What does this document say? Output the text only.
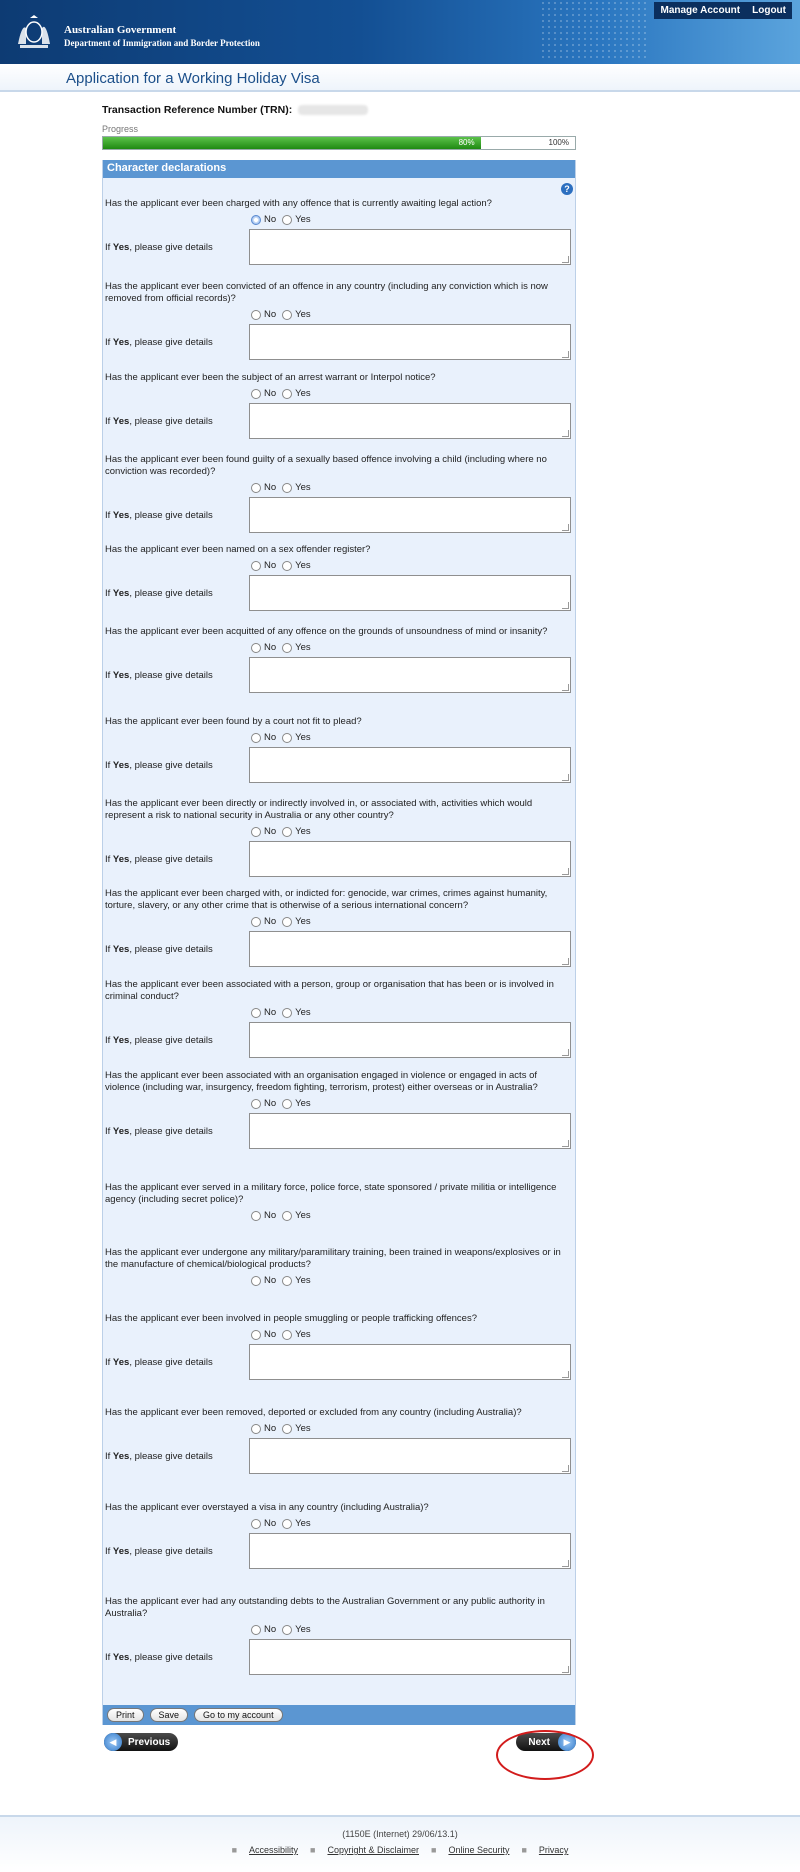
Australian Government
Department of Immigration and Border Protection
Manage Account	Logout
Application for a Working Holiday Visa
Transaction Reference Number (TRN):
Progress
80%	100%
Character declarations
?
Has the applicant ever been charged with any offence that is currently awaiting legal action?
No Yes
If Yes, please give details
Has the applicant ever been convicted of an offence in any country (including any conviction which is now removed from official records)?
No Yes
If Yes, please give details
Has the applicant ever been the subject of an arrest warrant or Interpol notice?
No Yes
If Yes, please give details
Has the applicant ever been found guilty of a sexually based offence involving a child (including where no conviction was recorded)?
No Yes
If Yes, please give details
Has the applicant ever been named on a sex offender register?
No Yes
If Yes, please give details
Has the applicant ever been acquitted of any offence on the grounds of unsoundness of mind or insanity?
No Yes
If Yes, please give details
Has the applicant ever been found by a court not fit to plead?
No Yes
If Yes, please give details
Has the applicant ever been directly or indirectly involved in, or associated with, activities which would represent a risk to national security in Australia or any other country?
No Yes
If Yes, please give details
Has the applicant ever been charged with, or indicted for: genocide, war crimes, crimes against humanity, torture, slavery, or any other crime that is otherwise of a serious international concern?
No Yes
If Yes, please give details
Has the applicant ever been associated with a person, group or organisation that has been or is involved in criminal conduct?
No Yes
If Yes, please give details
Has the applicant ever been associated with an organisation engaged in violence or engaged in acts of violence (including war, insurgency, freedom fighting, terrorism, protest) either overseas or in Australia?
No Yes
If Yes, please give details
Has the applicant ever served in a military force, police force, state sponsored / private militia or intelligence agency (including secret police)?
No Yes
Has the applicant ever undergone any military/paramilitary training, been trained in weapons/explosives or in the manufacture of chemical/biological products?
No Yes
Has the applicant ever been involved in people smuggling or people trafficking offences?
No Yes
If Yes, please give details
Has the applicant ever been removed, deported or excluded from any country (including Australia)?
No Yes
If Yes, please give details
Has the applicant ever overstayed a visa in any country (including Australia)?
No Yes
If Yes, please give details
Has the applicant ever had any outstanding debts to the Australian Government or any public authority in Australia?
No Yes
If Yes, please give details
Print	Save	Go to my account
◀	Previous	Next	▶
(1150E (Internet) 29/06/13.1)
■ Accessibility ■ Copyright & Disclaimer ■ Online Security ■ Privacy
